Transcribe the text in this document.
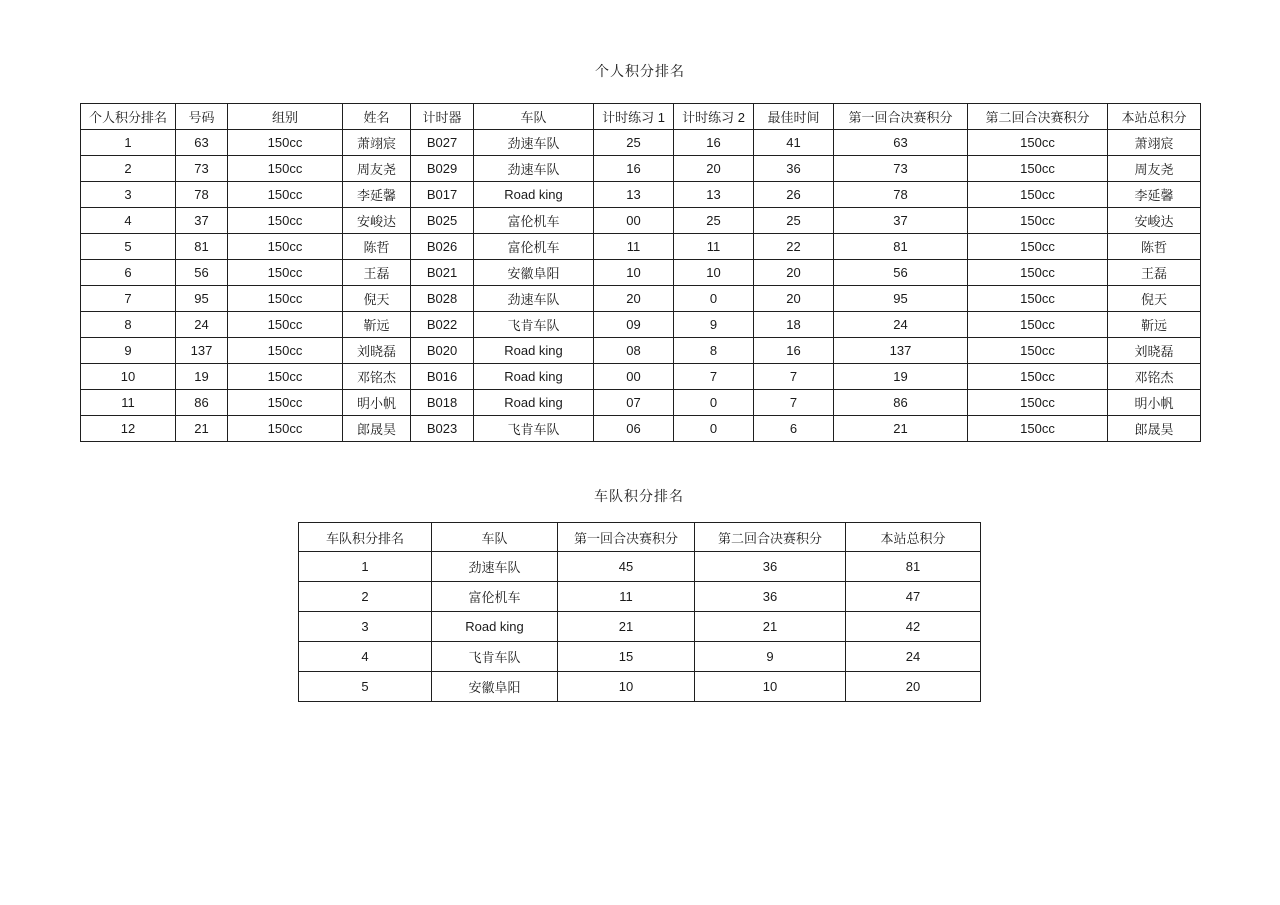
个人积分排名
个人积分排名	号码	组别	姓名	计时器	车队	计时练习 1	计时练习 2	最佳时间	第一回合决赛积分	第二回合决赛积分	本站总积分
1	63	150cc	萧翊宸	B027	劲速车队	25	16	41	63	150cc	萧翊宸
2	73	150cc	周友尧	B029	劲速车队	16	20	36	73	150cc	周友尧
3	78	150cc	李延馨	B017	Road king	13	13	26	78	150cc	李延馨
4	37	150cc	安峻达	B025	富伦机车	00	25	25	37	150cc	安峻达
5	81	150cc	陈哲	B026	富伦机车	11	11	22	81	150cc	陈哲
6	56	150cc	王磊	B021	安徽阜阳	10	10	20	56	150cc	王磊
7	95	150cc	倪天	B028	劲速车队	20	0	20	95	150cc	倪天
8	24	150cc	靳远	B022	飞肯车队	09	9	18	24	150cc	靳远
9	137	150cc	刘晓磊	B020	Road king	08	8	16	137	150cc	刘晓磊
10	19	150cc	邓铭杰	B016	Road king	00	7	7	19	150cc	邓铭杰
11	86	150cc	明小帆	B018	Road king	07	0	7	86	150cc	明小帆
12	21	150cc	郎晟昊	B023	飞肯车队	06	0	6	21	150cc	郎晟昊
车队积分排名
车队积分排名	车队	第一回合决赛积分	第二回合决赛积分	本站总积分
1	劲速车队	45	36	81
2	富伦机车	11	36	47
3	Road king	21	21	42
4	飞肯车队	15	9	24
5	安徽阜阳	10	10	20
